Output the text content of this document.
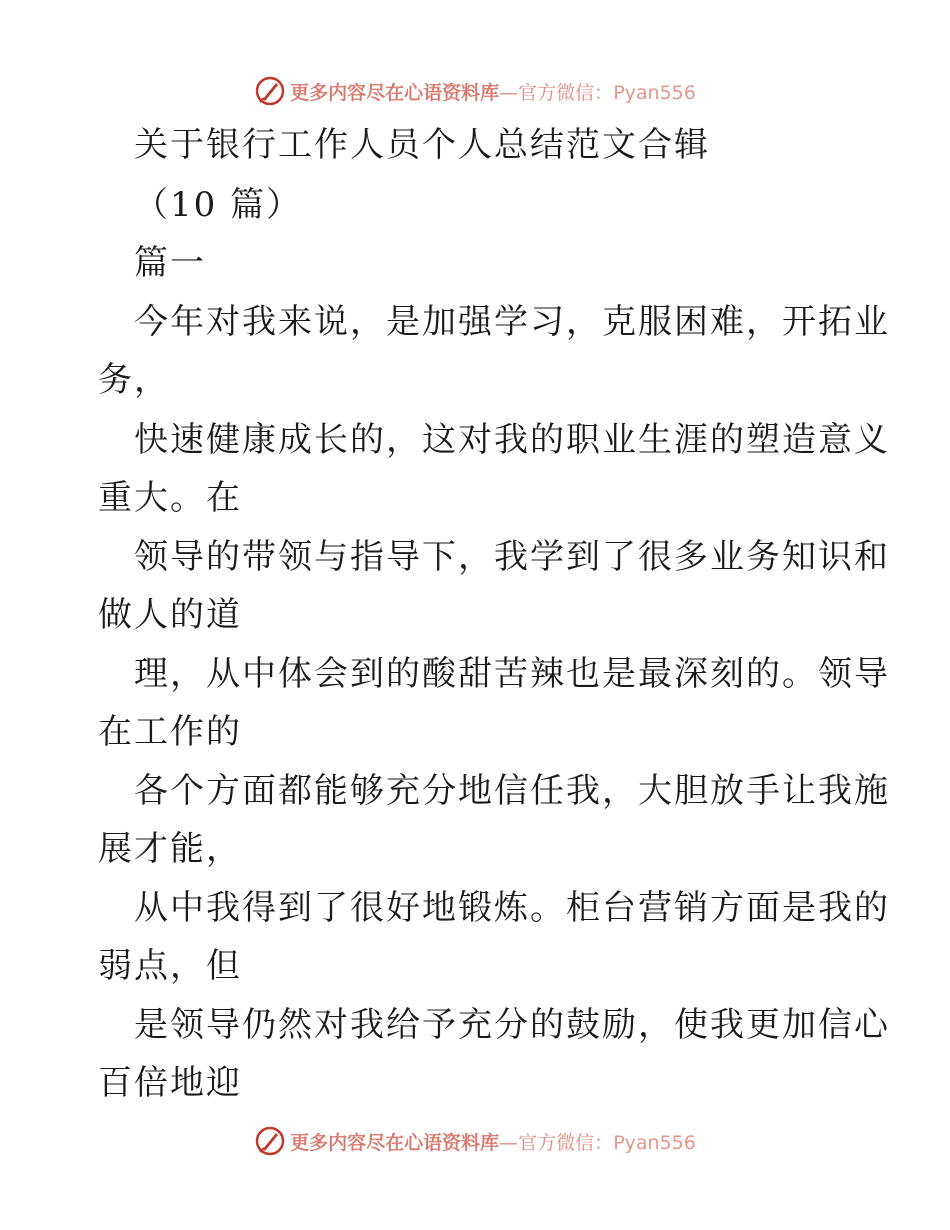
更多内容尽在心语资料库—官方微信：Pyan556
关于银行工作人员个人总结范文合辑
（10 篇）
篇一
今年对我来说，是加强学习，克服困难，开拓业
务，
快速健康成长的，这对我的职业生涯的塑造意义
重大。在
领导的带领与指导下，我学到了很多业务知识和
做人的道
理，从中体会到的酸甜苦辣也是最深刻的。领导
在工作的
各个方面都能够充分地信任我，大胆放手让我施
展才能，
从中我得到了很好地锻炼。柜台营销方面是我的
弱点，但
是领导仍然对我给予充分的鼓励，使我更加信心
百倍地迎
更多内容尽在心语资料库—官方微信：Pyan556
